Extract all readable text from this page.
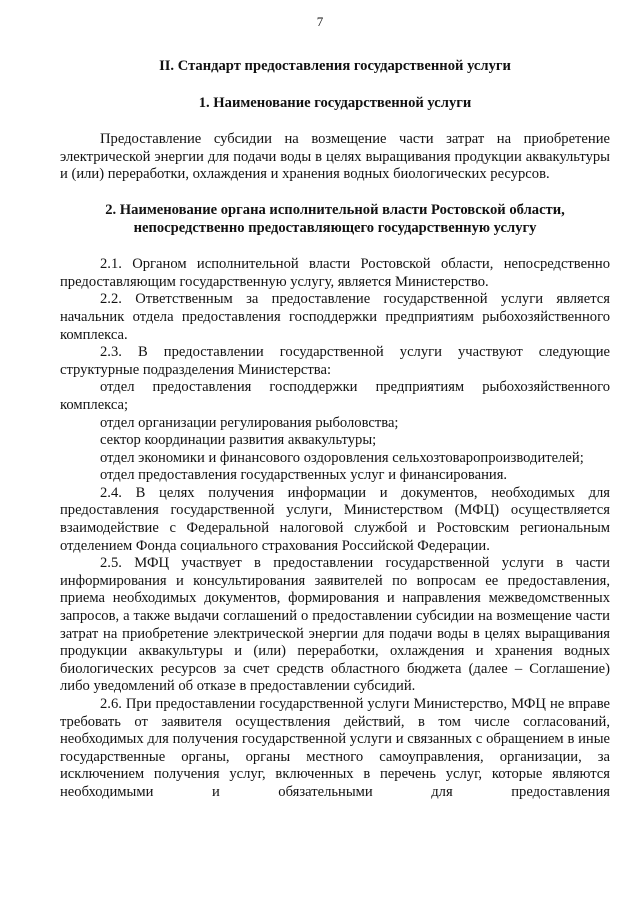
7
II. Стандарт предоставления государственной услуги
1. Наименование государственной услуги

Предоставление субсидии на возмещение части затрат на приобретение электрической энергии для подачи воды в целях выращивания продукции аквакультуры и (или) переработки, охлаждения и хранения водных биологических ресурсов.

2. Наименование органа исполнительной власти Ростовской области,
непосредственно предоставляющего государственную услугу

2.1. Органом исполнительной власти Ростовской области, непосредственно предоставляющим государственную услугу, является Министерство.

2.2. Ответственным за предоставление государственной услуги является начальник отдела предоставления господдержки предприятиям рыбохозяйственного комплекса.

2.3. В предоставлении государственной услуги участвуют следующие структурные подразделения Министерства:

отдел предоставления господдержки предприятиям рыбохозяйственного комплекса;

отдел организации регулирования рыболовства;

сектор координации развития аквакультуры;

отдел экономики и финансового оздоровления сельхозтоваропроизводителей;

отдел предоставления государственных услуг и финансирования.

2.4. В целях получения информации и документов, необходимых для предоставления государственной услуги, Министерством (МФЦ) осуществляется взаимодействие с Федеральной налоговой службой и Ростовским региональным отделением Фонда социального страхования Российской Федерации.

2.5. МФЦ участвует в предоставлении государственной услуги в части информирования и консультирования заявителей по вопросам ее предоставления, приема необходимых документов, формирования и направления межведомственных запросов, а также выдачи соглашений о предоставлении субсидии на возмещение части затрат на приобретение электрической энергии для подачи воды в целях выращивания продукции аквакультуры и (или) переработки, охлаждения и хранения водных биологических ресурсов за счет средств областного бюджета (далее – Соглашение) либо уведомлений об отказе в предоставлении субсидий.

2.6. При предоставлении государственной услуги Министерство, МФЦ не вправе требовать от заявителя осуществления действий, в том числе согласований, необходимых для получения государственной услуги и связанных с обращением в иные государственные органы, органы местного самоуправления, организации, за исключением получения услуг, включенных в перечень услуг, которые являются необходимыми и обязательными для предоставления
